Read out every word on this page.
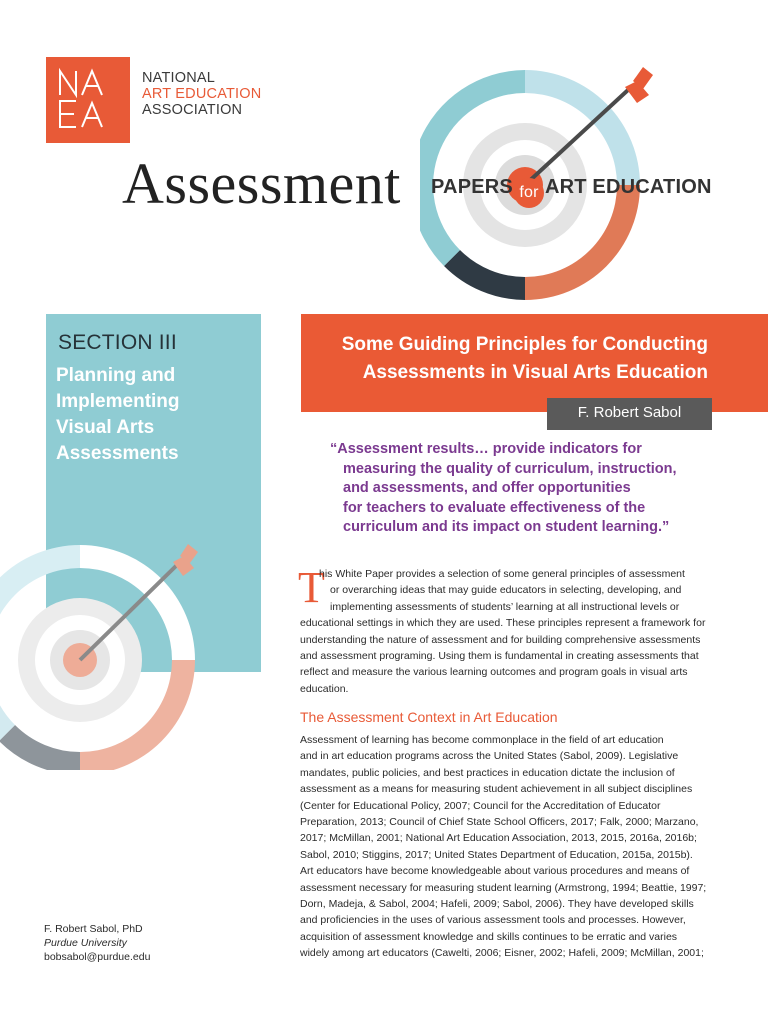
NATIONAL
ART EDUCATION
ASSOCIATION
Assessment PAPERS for ART EDUCATION
SECTION III
Planning and
Implementing
Visual Arts
Assessments
Some Guiding Principles for Conducting
Assessments in Visual Arts Education
F. Robert Sabol
“Assessment results… provide indicators for
measuring the quality of curriculum, instruction,
and assessments, and offer opportunities
for teachers to evaluate effectiveness of the
curriculum and its impact on student learning.”
T
his White Paper provides a selection of some general principles of assessment
or overarching ideas that may guide educators in selecting, developing, and
implementing assessments of students’ learning at all instructional levels or
educational settings in which they are used. These principles represent a framework for
understanding the nature of assessment and for building comprehensive assessments
and assessment programing. Using them is fundamental in creating assessments that
reflect and measure the various learning outcomes and program goals in visual arts
education.
The Assessment Context in Art Education
Assessment of learning has become commonplace in the field of art education
and in art education programs across the United States (Sabol, 2009). Legislative
mandates, public policies, and best practices in education dictate the inclusion of
assessment as a means for measuring student achievement in all subject disciplines
(Center for Educational Policy, 2007; Council for the Accreditation of Educator
Preparation, 2013; Council of Chief State School Officers, 2017; Falk, 2000; Marzano,
2017; McMillan, 2001; National Art Education Association, 2013, 2015, 2016a, 2016b;
Sabol, 2010; Stiggins, 2017; United States Department of Education, 2015a, 2015b).
Art educators have become knowledgeable about various procedures and means of
assessment necessary for measuring student learning (Armstrong, 1994; Beattie, 1997;
Dorn, Madeja, & Sabol, 2004; Hafeli, 2009; Sabol, 2006). They have developed skills
and proficiencies in the uses of various assessment tools and processes. However,
acquisition of assessment knowledge and skills continues to be erratic and varies
widely among art educators (Cawelti, 2006; Eisner, 2002; Hafeli, 2009; McMillan, 2001;
F. Robert Sabol, PhD
Purdue University
bobsabol@purdue.edu
